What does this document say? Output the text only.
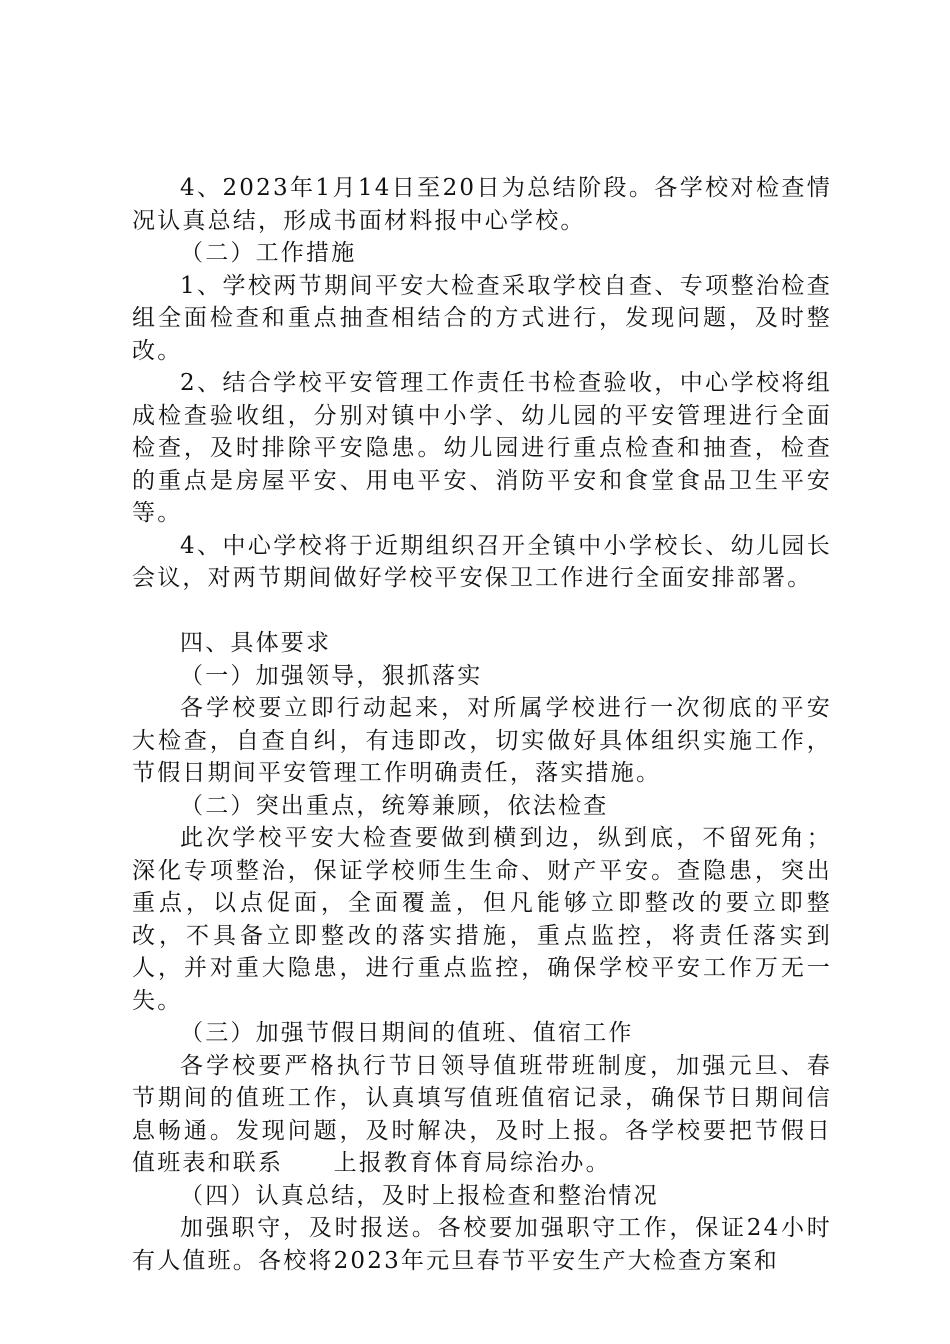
4、2023年1月14日至20日为总结阶段。各学校对检查情况认真总结，形成书面材料报中心学校。

（二）工作措施

1、学校两节期间平安大检查采取学校自查、专项整治检查组全面检查和重点抽查相结合的方式进行，发现问题，及时整改。

2、结合学校平安管理工作责任书检查验收，中心学校将组成检查验收组，分别对镇中小学、幼儿园的平安管理进行全面检查，及时排除平安隐患。幼儿园进行重点检查和抽查，检查的重点是房屋平安、用电平安、消防平安和食堂食品卫生平安等。

4、中心学校将于近期组织召开全镇中小学校长、幼儿园长会议，对两节期间做好学校平安保卫工作进行全面安排部署。

四、具体要求

（一）加强领导，狠抓落实

各学校要立即行动起来，对所属学校进行一次彻底的平安大检查，自查自纠，有违即改，切实做好具体组织实施工作，节假日期间平安管理工作明确责任，落实措施。

（二）突出重点，统筹兼顾，依法检查

此次学校平安大检查要做到横到边，纵到底，不留死角；深化专项整治，保证学校师生生命、财产平安。查隐患，突出重点，以点促面，全面覆盖，但凡能够立即整改的要立即整改，不具备立即整改的落实措施，重点监控，将责任落实到人，并对重大隐患，进行重点监控，确保学校平安工作万无一失。

（三）加强节假日期间的值班、值宿工作

各学校要严格执行节日领导值班带班制度，加强元旦、春节期间的值班工作，认真填写值班值宿记录，确保节日期间信息畅通。发现问题，及时解决，及时上报。各学校要把节假日值班表和联系　　上报教育体育局综治办。

（四）认真总结，及时上报检查和整治情况

加强职守，及时报送。各校要加强职守工作，保证24小时有人值班。各校将2023年元旦春节平安生产大检查方案和
